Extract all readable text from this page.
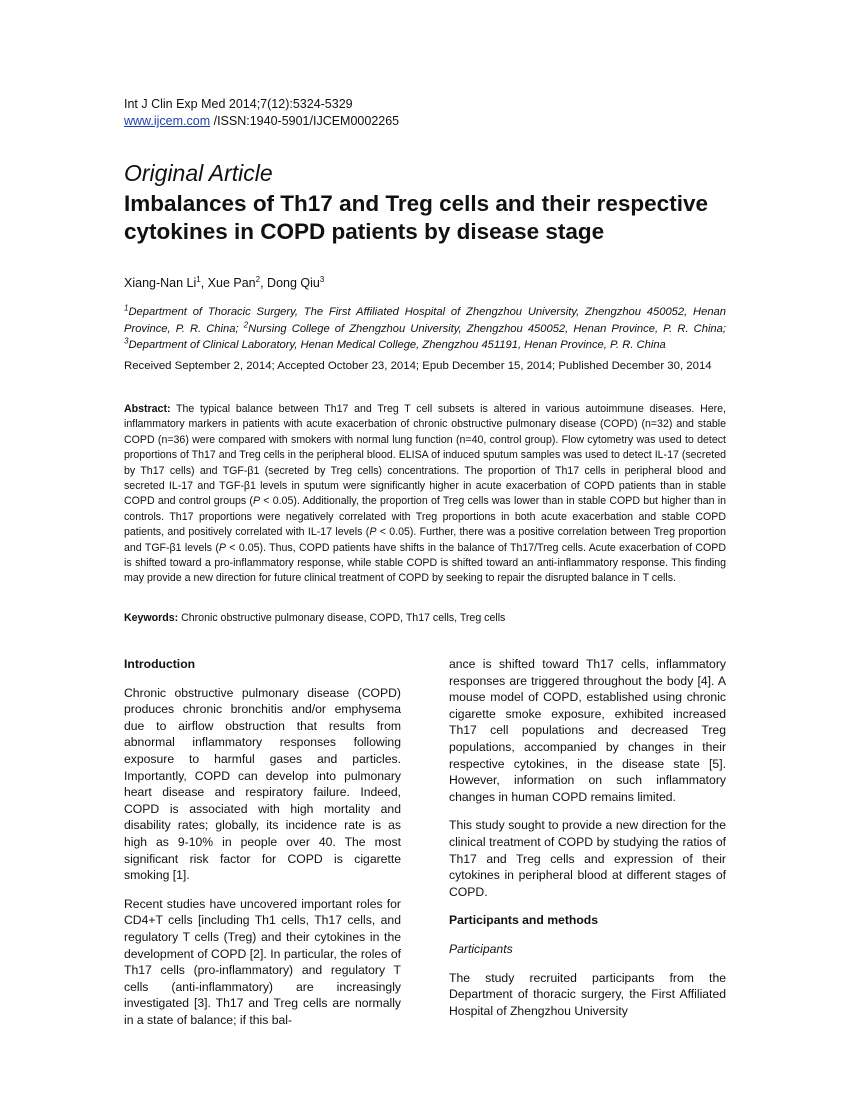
Int J Clin Exp Med 2014;7(12):5324-5329
www.ijcem.com /ISSN:1940-5901/IJCEM0002265
Original Article
Imbalances of Th17 and Treg cells and their respective cytokines in COPD patients by disease stage
Xiang-Nan Li$^1$, Xue Pan$^2$, Dong Qiu$^3$
$^1$Department of Thoracic Surgery, The First Affiliated Hospital of Zhengzhou University, Zhengzhou 450052, Henan Province, P. R. China; $^2$Nursing College of Zhengzhou University, Zhengzhou 450052, Henan Province, P. R. China; $^3$Department of Clinical Laboratory, Henan Medical College, Zhengzhou 451191, Henan Province, P. R. China
Received September 2, 2014; Accepted October 23, 2014; Epub December 15, 2014; Published December 30, 2014
Abstract: The typical balance between Th17 and Treg T cell subsets is altered in various autoimmune diseases. Here, inflammatory markers in patients with acute exacerbation of chronic obstructive pulmonary disease (COPD) (n=32) and stable COPD (n=36) were compared with smokers with normal lung function (n=40, control group). Flow cytometry was used to detect proportions of Th17 and Treg cells in the peripheral blood. ELISA of induced sputum samples was used to detect IL-17 (secreted by Th17 cells) and TGF-β1 (secreted by Treg cells) concentrations. The proportion of Th17 cells in peripheral blood and secreted IL-17 and TGF-β1 levels in sputum were significantly higher in acute exacerbation of COPD patients than in stable COPD and control groups (P < 0.05). Additionally, the proportion of Treg cells was lower than in stable COPD but higher than in controls. Th17 proportions were negatively correlated with Treg proportions in both acute exacerbation and stable COPD patients, and positively correlated with IL-17 levels (P < 0.05). Further, there was a positive correlation between Treg proportion and TGF-β1 levels (P < 0.05). Thus, COPD patients have shifts in the balance of Th17/Treg cells. Acute exacerbation of COPD is shifted toward a pro-inflammatory response, while stable COPD is shifted toward an anti-inflammatory response. This finding may provide a new direction for future clinical treatment of COPD by seeking to repair the disrupted balance in T cells.
Keywords: Chronic obstructive pulmonary disease, COPD, Th17 cells, Treg cells

Introduction

Chronic obstructive pulmonary disease (COPD) produces chronic bronchitis and/or emphysema due to airflow obstruction that results from abnormal inflammatory responses following exposure to harmful gases and particles. Importantly, COPD can develop into pulmonary heart disease and respiratory failure. Indeed, COPD is associated with high mortality and disability rates; globally, its incidence rate is as high as 9-10% in people over 40. The most significant risk factor for COPD is cigarette smoking [1].

Recent studies have uncovered important roles for CD4+T cells [including Th1 cells, Th17 cells, and regulatory T cells (Treg) and their cytokines in the development of COPD [2]. In particular, the roles of Th17 cells (pro-inflammatory) and regulatory T cells (anti-inflammatory) are increasingly investigated [3]. Th17 and Treg cells are normally in a state of balance; if this bal-

ance is shifted toward Th17 cells, inflammatory responses are triggered throughout the body [4]. A mouse model of COPD, established using chronic cigarette smoke exposure, exhibited increased Th17 cell populations and decreased Treg populations, accompanied by changes in their respective cytokines, in the disease state [5]. However, information on such inflammatory changes in human COPD remains limited.

This study sought to provide a new direction for the clinical treatment of COPD by studying the ratios of Th17 and Treg cells and expression of their cytokines in peripheral blood at different stages of COPD.

Participants and methods

Participants

The study recruited participants from the Department of thoracic surgery, the First Affiliated Hospital of Zhengzhou University
